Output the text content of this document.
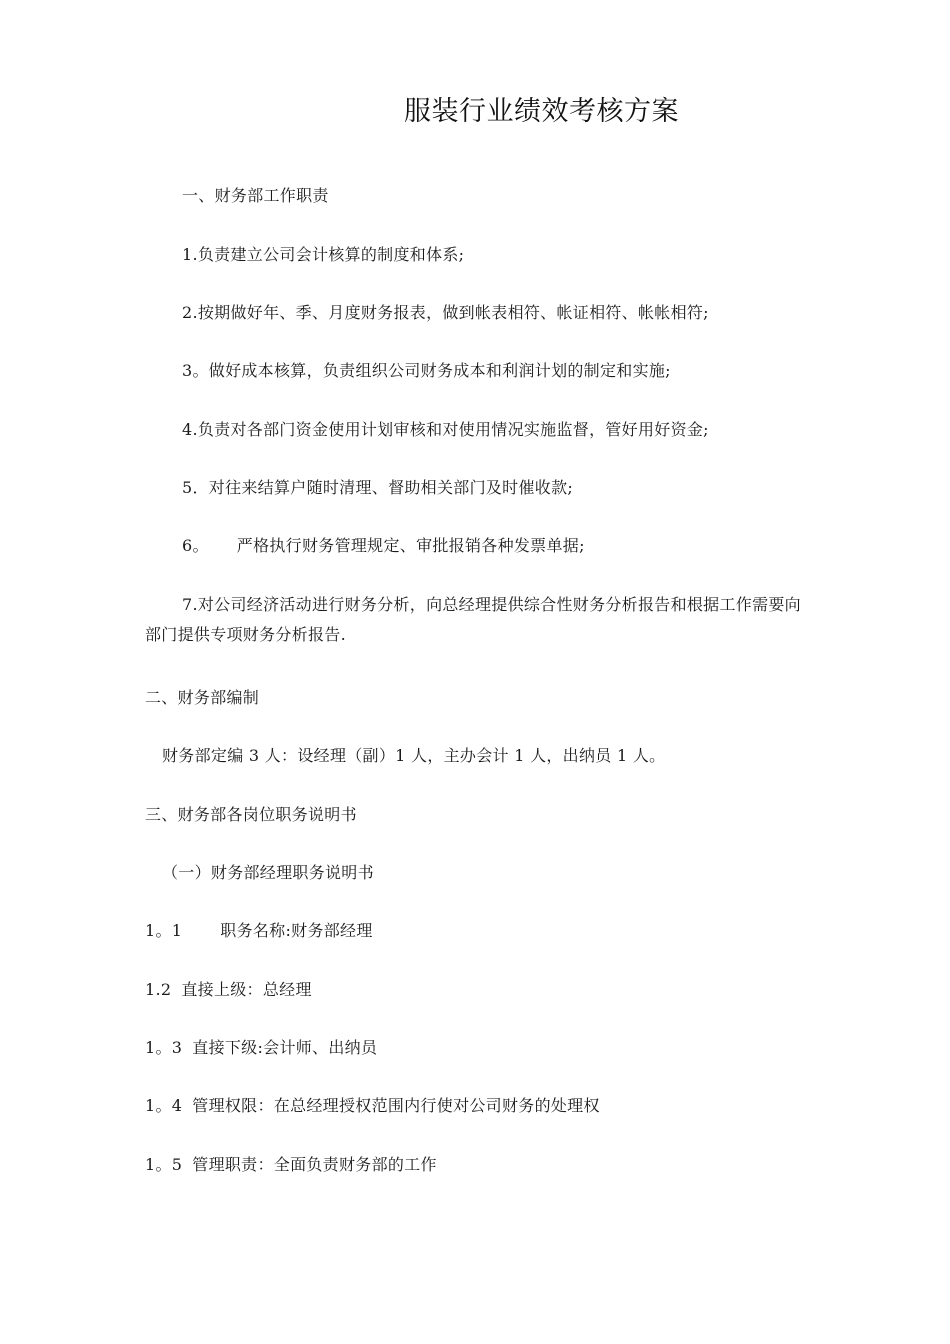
服装行业绩效考核方案
一、财务部工作职责
1.负责建立公司会计核算的制度和体系;
2.按期做好年、季、月度财务报表，做到帐表相符、帐证相符、帐帐相符;
3。做好成本核算，负责组织公司财务成本和利润计划的制定和实施;
4.负责对各部门资金使用计划审核和对使用情况实施监督，管好用好资金;
5．对往来结算户随时清理、督助相关部门及时催收款;
6。 严格执行财务管理规定、审批报销各种发票单据;
7.对公司经济活动进行财务分析，向总经理提供综合性财务分析报告和根据工作需要向部门提供专项财务分析报告.
二、财务部编制
财务部定编 3 人：设经理（副）1 人，主办会计 1 人，出纳员 1 人。
三、财务部各岗位职务说明书
（一）财务部经理职务说明书
1。1 职务名称:财务部经理
1.2 直接上级：总经理
1。3 直接下级:会计师、出纳员
1。4 管理权限：在总经理授权范围内行使对公司财务的处理权
1。5 管理职责：全面负责财务部的工作
